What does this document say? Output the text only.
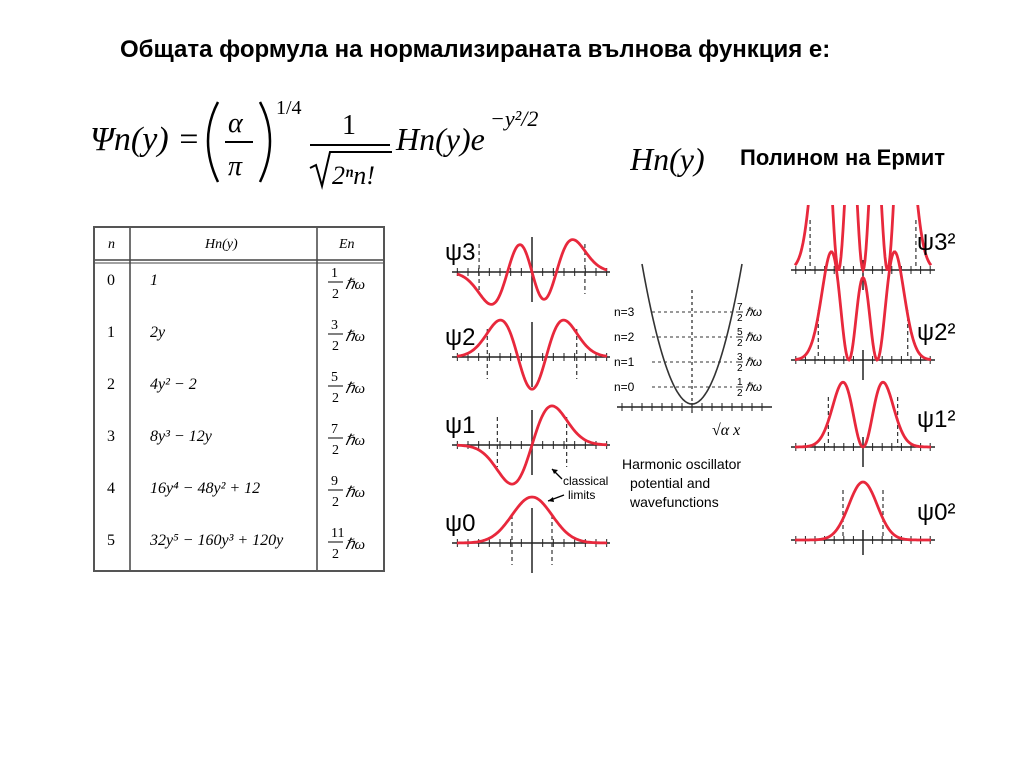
Общата формула на нормализираната вълнова функция е:
Ψn(y) = α
π
1/4
1
2ⁿn!
Hn(y)e
−y²/2
Hn(y) Полином на Ермит
n	Hn(y)	En
0 1	1
2
ℏω
1 2y	3
2
ℏω
2 4y² − 2	5
2
ℏω
3 8y³ − 12y	7
2
ℏω
4 16y⁴ − 48y² + 12	9
2
ℏω
5 32y⁵ − 160y³ + 120y	11
2
ℏω
ψ3
ψ2
ψ1
ψ0
classical
limits
n=3	7
2 ℏω
n=2	5
2 ℏω
n=1	3
2 ℏω
n=0	1
2 ℏω
√α x
Harmonic oscillator
potential and
wavefunctions
ψ3²
ψ2²
ψ1²
ψ0²
